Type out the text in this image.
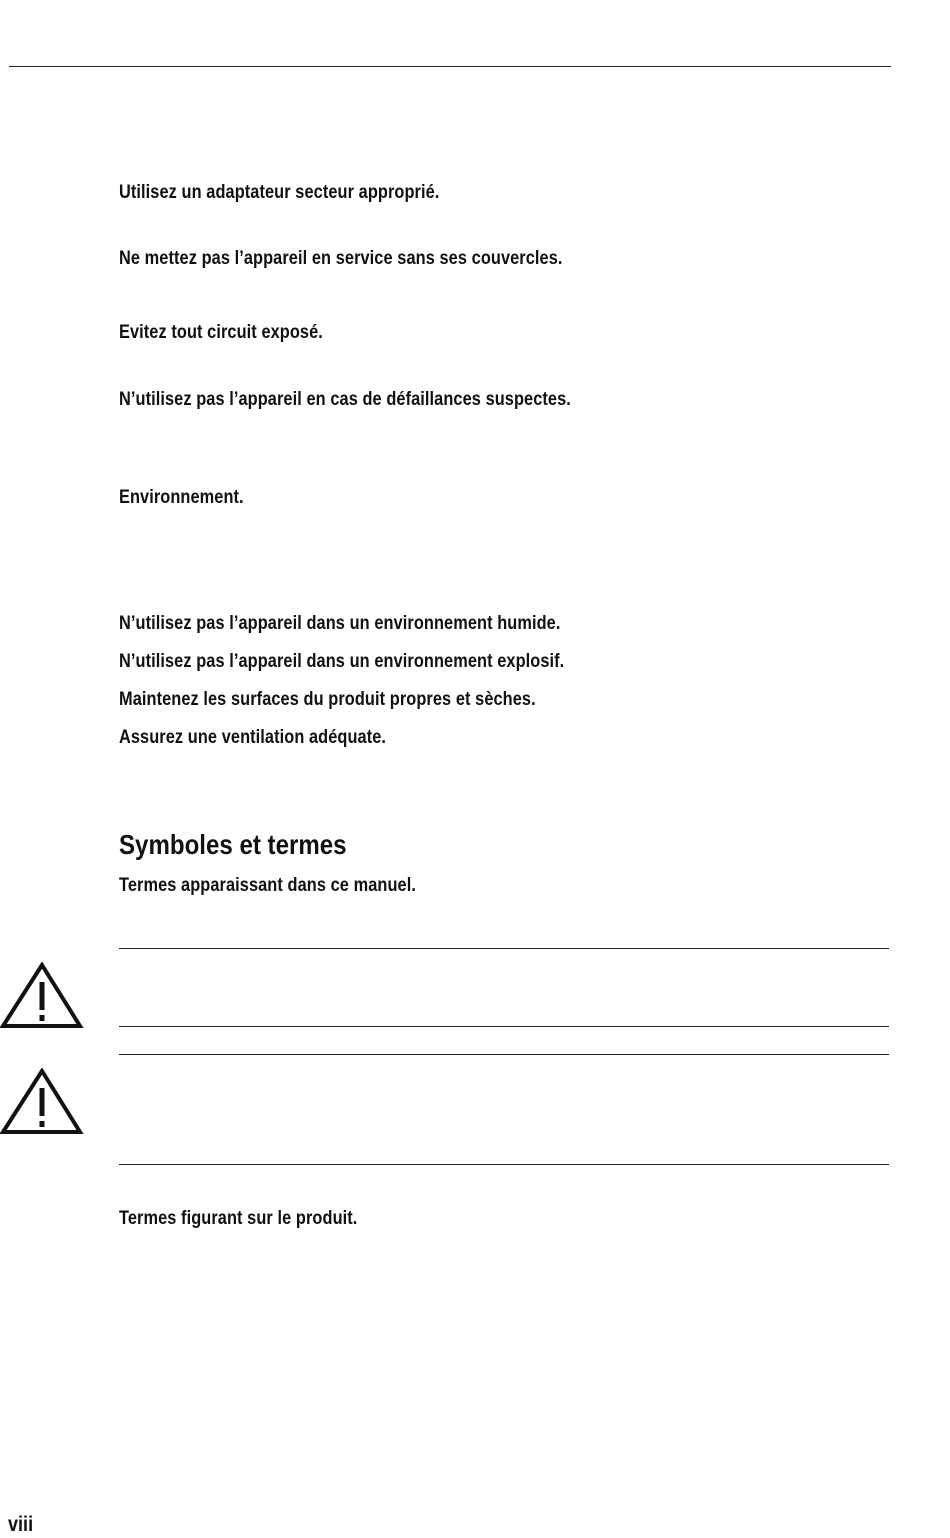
Utilisez un adaptateur secteur approprié.
Ne mettez pas l’appareil en service sans ses couvercles.
Evitez tout circuit exposé.
N’utilisez pas l’appareil en cas de défaillances suspectes.
Environnement.
N’utilisez pas l’appareil dans un environnement humide.
N’utilisez pas l’appareil dans un environnement explosif.
Maintenez les surfaces du produit propres et sèches.
Assurez une ventilation adéquate.
Symboles et termes
Termes apparaissant dans ce manuel.
Termes figurant sur le produit.
viii
